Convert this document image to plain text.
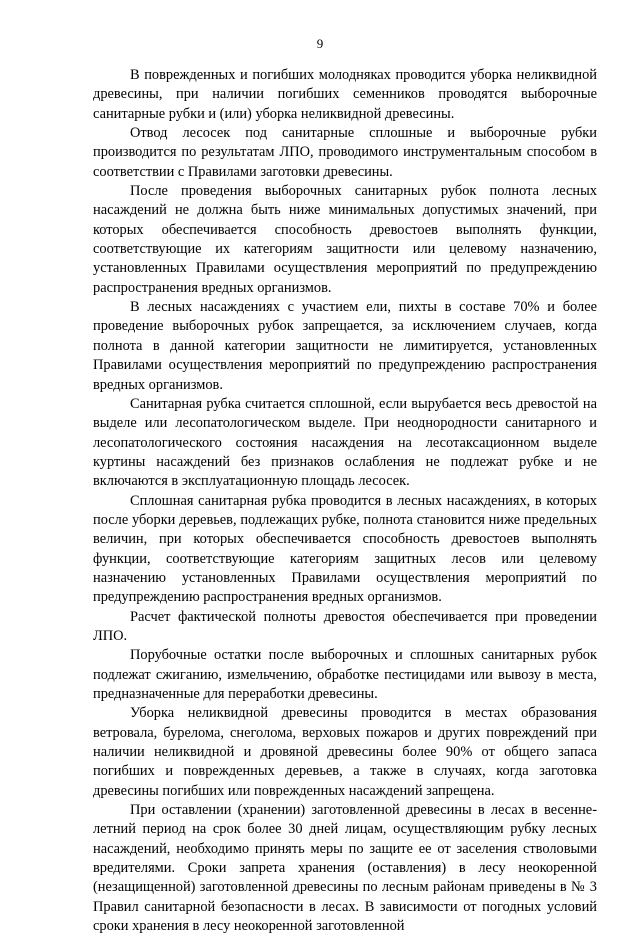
9

В поврежденных и погибших молодняках проводится уборка неликвидной древесины, при наличии погибших семенников проводятся выборочные санитарные рубки и (или) уборка неликвидной древесины.

Отвод лесосек под санитарные сплошные и выборочные рубки производится по результатам ЛПО, проводимого инструментальным способом в соответствии с Правилами заготовки древесины.

После проведения выборочных санитарных рубок полнота лесных насаждений не должна быть ниже минимальных допустимых значений, при которых обеспечивается способность древостоев выполнять функции, соответствующие их категориям защитности или целевому назначению, установленных Правилами осуществления мероприятий по предупреждению распространения вредных организмов.

В лесных насаждениях с участием ели, пихты в составе 70% и более проведение выборочных рубок запрещается, за исключением случаев, когда полнота в данной категории защитности не лимитируется, установленных Правилами осуществления мероприятий по предупреждению распространения вредных организмов.

Санитарная рубка считается сплошной, если вырубается весь древостой на выделе или лесопатологическом выделе. При неоднородности санитарного и лесопатологического состояния насаждения на лесотаксационном выделе куртины насаждений без признаков ослабления не подлежат рубке и не включаются в эксплуатационную площадь лесосек.

Сплошная санитарная рубка проводится в лесных насаждениях, в которых после уборки деревьев, подлежащих рубке, полнота становится ниже предельных величин, при которых обеспечивается способность древостоев выполнять функции, соответствующие категориям защитных лесов или целевому назначению установленных Правилами осуществления мероприятий по предупреждению распространения вредных организмов.

Расчет фактической полноты древостоя обеспечивается при проведении ЛПО.

Порубочные остатки после выборочных и сплошных санитарных рубок подлежат сжиганию, измельчению, обработке пестицидами или вывозу в места, предназначенные для переработки древесины.

Уборка неликвидной древесины проводится в местах образования ветровала, бурелома, снеголома, верховых пожаров и других повреждений при наличии неликвидной и дровяной древесины более 90% от общего запаса погибших и поврежденных деревьев, а также в случаях, когда заготовка древесины погибших или поврежденных насаждений запрещена.

При оставлении (хранении) заготовленной древесины в лесах в весенне-летний период на срок более 30 дней лицам, осуществляющим рубку лесных насаждений, необходимо принять меры по защите ее от заселения стволовыми вредителями. Сроки запрета хранения (оставления) в лесу неокоренной (незащищенной) заготовленной древесины по лесным районам приведены в № 3 Правил санитарной безопасности в лесах. В зависимости от погодных условий сроки хранения в лесу неокоренной заготовленной
